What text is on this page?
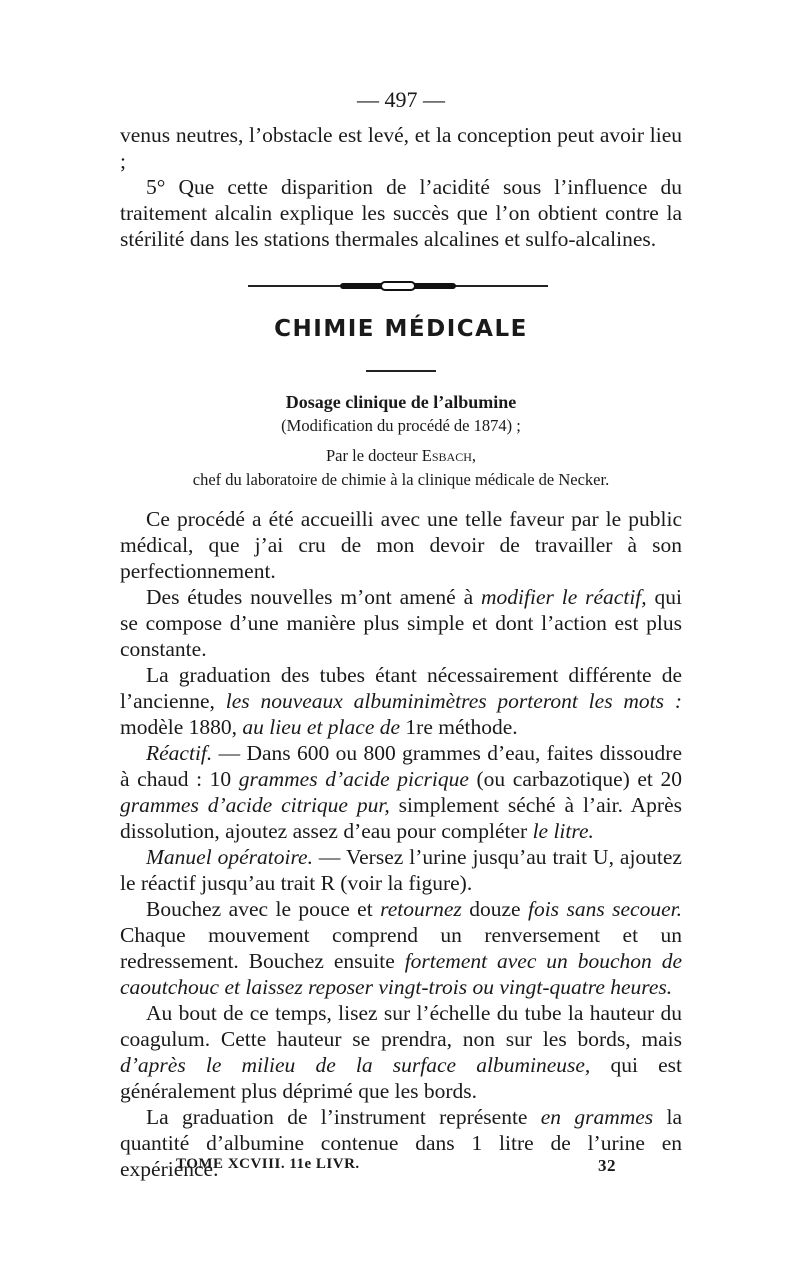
— 497 —

venus neutres, l’obstacle est levé, et la conception peut avoir lieu ;

5° Que cette disparition de l’acidité sous l’influence du traitement alcalin explique les succès que l’on obtient contre la stérilité dans les stations thermales alcalines et sulfo-alcalines.

CHIMIE MÉDICALE
Dosage clinique de l’albumine
(Modification du procédé de 1874) ;
Par le docteur Esbach,
chef du laboratoire de chimie à la clinique médicale de Necker.

Ce procédé a été accueilli avec une telle faveur par le public médical, que j’ai cru de mon devoir de travailler à son perfectionnement.

Des études nouvelles m’ont amené à modifier le réactif, qui se compose d’une manière plus simple et dont l’action est plus constante.

La graduation des tubes étant nécessairement différente de l’ancienne, les nouveaux albuminimètres porteront les mots : modèle 1880, au lieu et place de 1re méthode.

Réactif. — Dans 600 ou 800 grammes d’eau, faites dissoudre à chaud : 10 grammes d’acide picrique (ou carbazotique) et 20 grammes d’acide citrique pur, simplement séché à l’air. Après dissolution, ajoutez assez d’eau pour compléter le litre.

Manuel opératoire. — Versez l’urine jusqu’au trait U, ajoutez le réactif jusqu’au trait R (voir la figure).

Bouchez avec le pouce et retournez douze fois sans secouer. Chaque mouvement comprend un renversement et un redressement. Bouchez ensuite fortement avec un bouchon de caoutchouc et laissez reposer vingt-trois ou vingt-quatre heures.

Au bout de ce temps, lisez sur l’échelle du tube la hauteur du coagulum. Cette hauteur se prendra, non sur les bords, mais d’après le milieu de la surface albumineuse, qui est généralement plus déprimé que les bords.

La graduation de l’instrument représente en grammes la quantité d’albumine contenue dans 1 litre de l’urine en expérience.

TOME XCVIII. 11e LIVR.	32
